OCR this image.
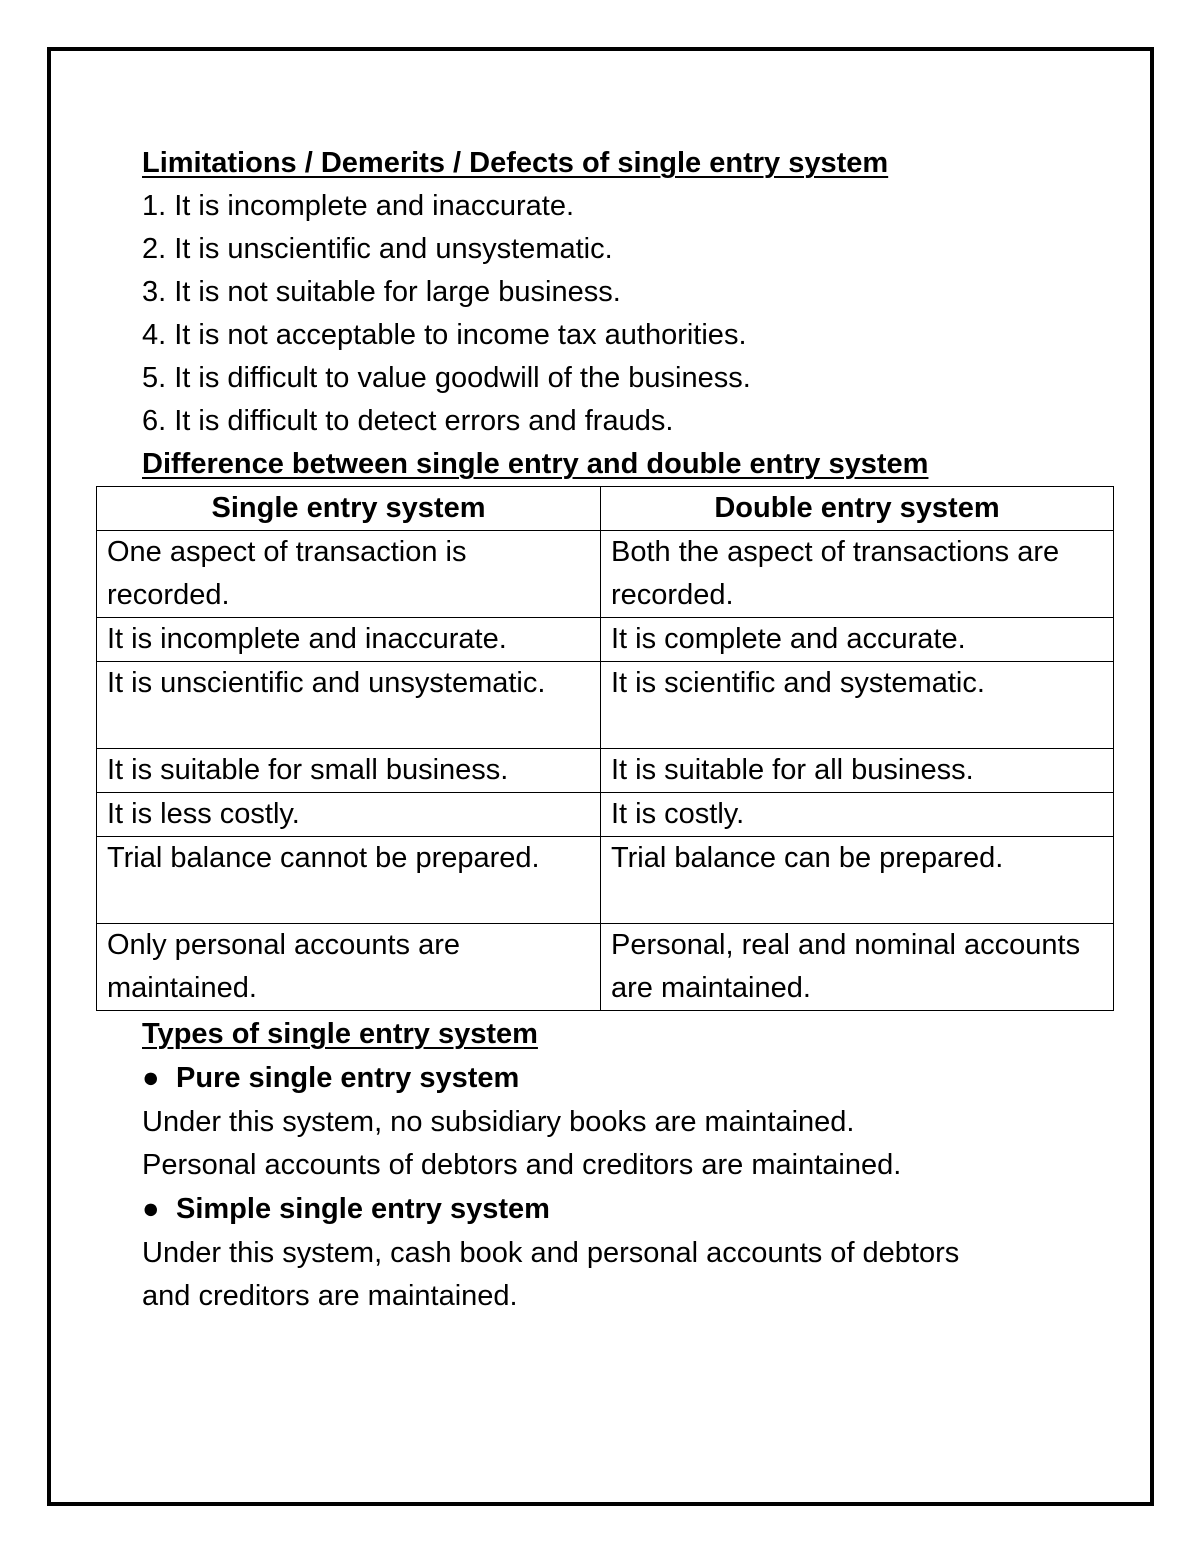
Limitations / Demerits / Defects of single entry system
1. It is incomplete and inaccurate.
2. It is unscientific and unsystematic.
3. It is not suitable for large business.
4. It is not acceptable to income tax authorities.
5. It is difficult to value goodwill of the business.
6. It is difficult to detect errors and frauds.
Difference between single entry and double entry system
Single entry system	Double entry system
One aspect of transaction is recorded.	Both the aspect of transactions are recorded.
It is incomplete and inaccurate.	It is complete and accurate.
It is unscientific and unsystematic.	It is scientific and systematic.
It is suitable for small business.	It is suitable for all business.
It is less costly.	It is costly.
Trial balance cannot be prepared.	Trial balance can be prepared.
Only personal accounts are maintained.	Personal, real and nominal accounts are maintained.
Types of single entry system
● Pure single entry system
Under this system, no subsidiary books are maintained.
Personal accounts of debtors and creditors are maintained.
● Simple single entry system
Under this system, cash book and personal accounts of debtors
and creditors are maintained.
